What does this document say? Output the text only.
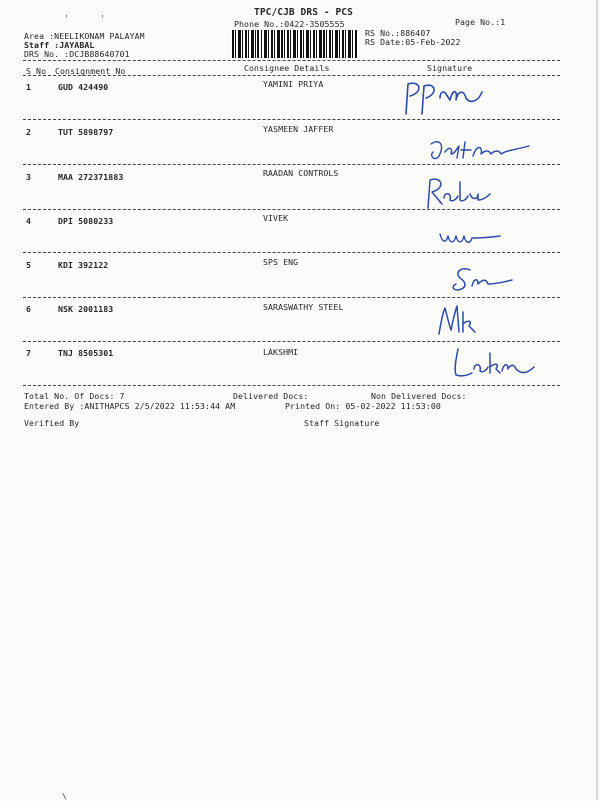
TPC/CJB DRS - PCS
Phone No.:0422-3505555	Page No.:1
Area :NEELIKONAM PALAYAM
Staff :JAYABAL
DRS No. :DCJB88640701
RS No.:886407
RS Date:05-Feb-2022
'	'
S No Consignment No	Consignee Details	Signature
1	GUD 424490	YAMINI PRIYA
2	TUT 5898797	YASMEEN JAFFER
3	MAA 272371883	RAADAN CONTROLS
4	DPI 5080233	VIVEK
5	KDI 392122	SPS ENG
6	NSK 2001183	SARASWATHY STEEL
7	TNJ 8505301	LAKSHMI
Total No. Of Docs: 7	Delivered Docs:	Non Delivered Docs:
Entered By :ANITHAPCS 2/5/2022 11:53:44 AM	Printed On: 05-02-2022 11:53:00
Verified By	Staff Signature
\
